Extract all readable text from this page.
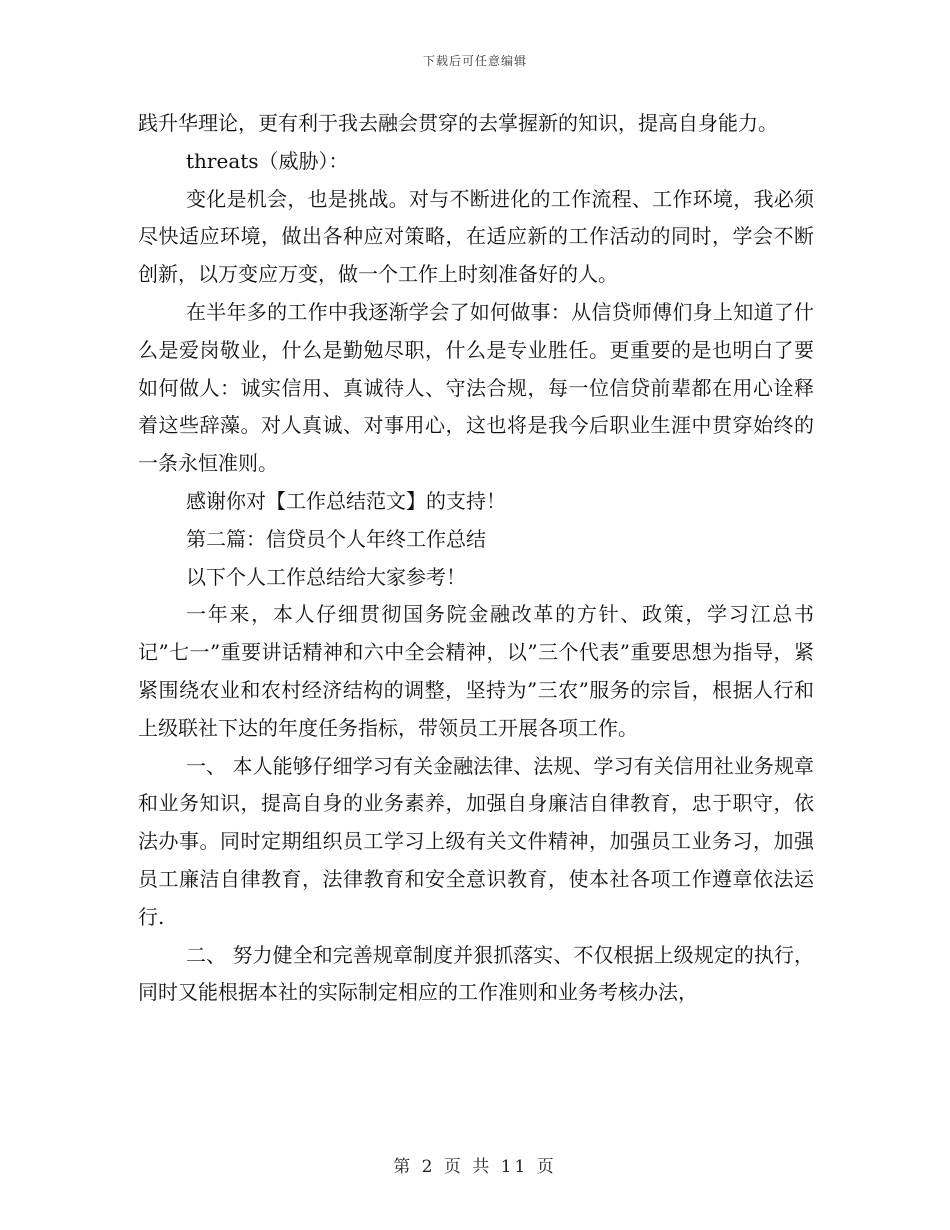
下载后可任意编辑

践升华理论，更有利于我去融会贯穿的去掌握新的知识，提高自身能力。

threats（威胁）：

变化是机会，也是挑战。对与不断进化的工作流程、工作环境，我必须尽快适应环境，做出各种应对策略，在适应新的工作活动的同时，学会不断创新，以万变应万变，做一个工作上时刻准备好的人。

在半年多的工作中我逐渐学会了如何做事：从信贷师傅们身上知道了什么是爱岗敬业，什么是勤勉尽职，什么是专业胜任。更重要的是也明白了要如何做人：诚实信用、真诚待人、守法合规，每一位信贷前辈都在用心诠释着这些辞藻。对人真诚、对事用心，这也将是我今后职业生涯中贯穿始终的一条永恒准则。

感谢你对【工作总结范文】的支持！

第二篇：信贷员个人年终工作总结

以下个人工作总结给大家参考！

一年来，本人仔细贯彻国务院金融改革的方针、政策，学习江总书记”七一”重要讲话精神和六中全会精神，以”三个代表”重要思想为指导，紧紧围绕农业和农村经济结构的调整，坚持为”三农”服务的宗旨，根据人行和上级联社下达的年度任务指标，带领员工开展各项工作。

一、 本人能够仔细学习有关金融法律、法规、学习有关信用社业务规章和业务知识，提高自身的业务素养，加强自身廉洁自律教育，忠于职守，依法办事。同时定期组织员工学习上级有关文件精神，加强员工业务习，加强员工廉洁自律教育，法律教育和安全意识教育，使本社各项工作遵章依法运行.

二、 努力健全和完善规章制度并狠抓落实、不仅根据上级规定的执行，同时又能根据本社的实际制定相应的工作准则和业务考核办法，

第 2 页 共 11 页
